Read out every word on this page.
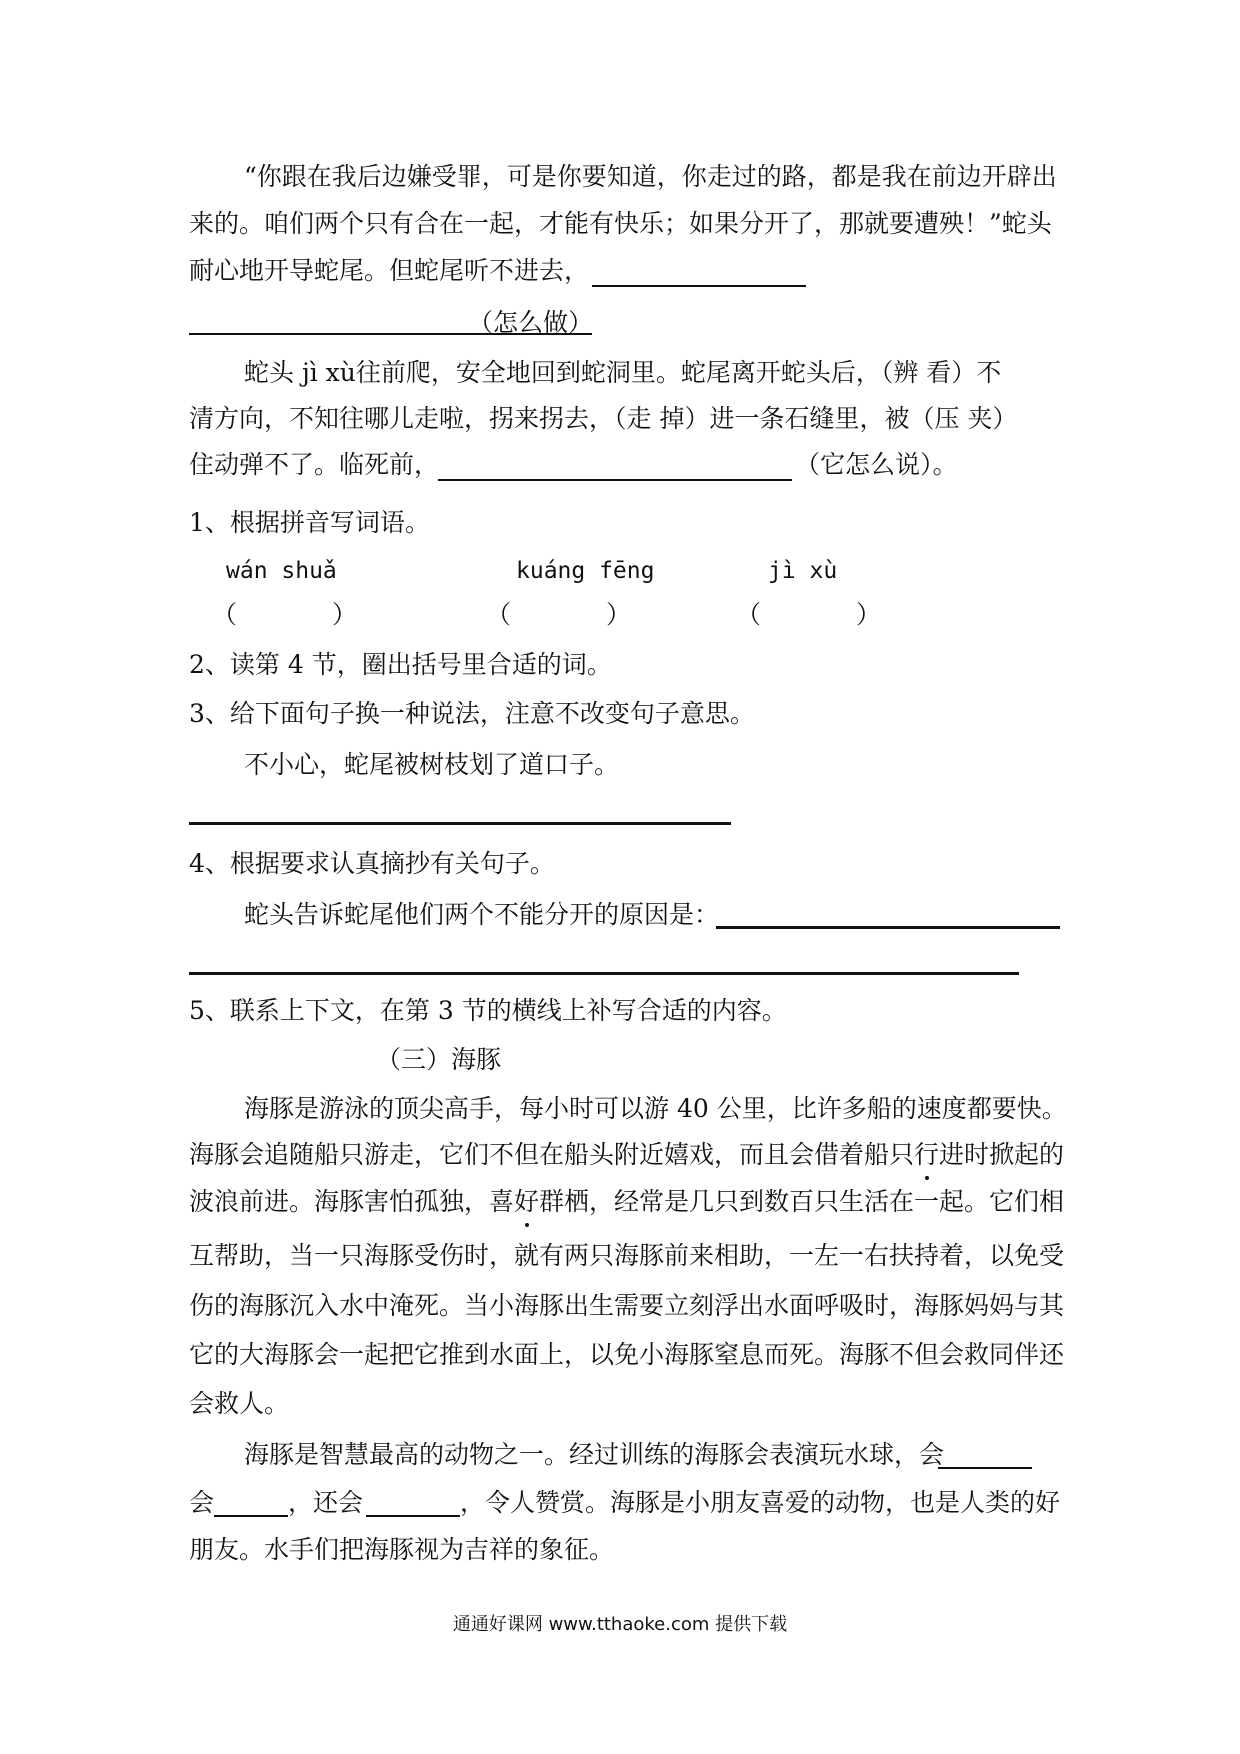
“你跟在我后边嫌受罪，可是你要知道，你走过的路，都是我在前边开辟出
来的。咱们两个只有合在一起，才能有快乐；如果分开了，那就要遭殃！”蛇头
耐心地开导蛇尾。但蛇尾听不进去，
（怎么做）
蛇头 jì xù往前爬，安全地回到蛇洞里。蛇尾离开蛇头后，（辨 看）不
清方向，不知往哪儿走啦，拐来拐去，（走 掉）进一条石缝里，被（压 夹）
住动弹不了。临死前，	（它怎么说）。
1、根据拼音写词语。
wán shuǎ	kuáng fēng	jì xù
（	）	（	）	（	）
2、读第 4 节，圈出括号里合适的词。
3、给下面句子换一种说法，注意不改变句子意思。
不小心，蛇尾被树枝划了道口子。
4、根据要求认真摘抄有关句子。
蛇头告诉蛇尾他们两个不能分开的原因是：
5、联系上下文，在第 3 节的横线上补写合适的内容。
（三）海豚
海豚是游泳的顶尖高手，每小时可以游 40 公里，比许多船的速度都要快。
海豚会追随船只游走，它们不但在船头附近嬉戏，而且会借着船只行进时掀起的
波浪前进。海豚害怕孤独，喜好群栖，经常是几只到数百只生活在一起。它们相
互帮助，当一只海豚受伤时，就有两只海豚前来相助，一左一右扶持着，以免受
伤的海豚沉入水中淹死。当小海豚出生需要立刻浮出水面呼吸时，海豚妈妈与其
它的大海豚会一起把它推到水面上，以免小海豚窒息而死。海豚不但会救同伴还
会救人。
海豚是智慧最高的动物之一。经过训练的海豚会表演玩水球，会
会	，还会	，令人赞赏。海豚是小朋友喜爱的动物，也是人类的好
朋友。水手们把海豚视为吉祥的象征。
通通好课网 www.tthaoke.com 提供下载
